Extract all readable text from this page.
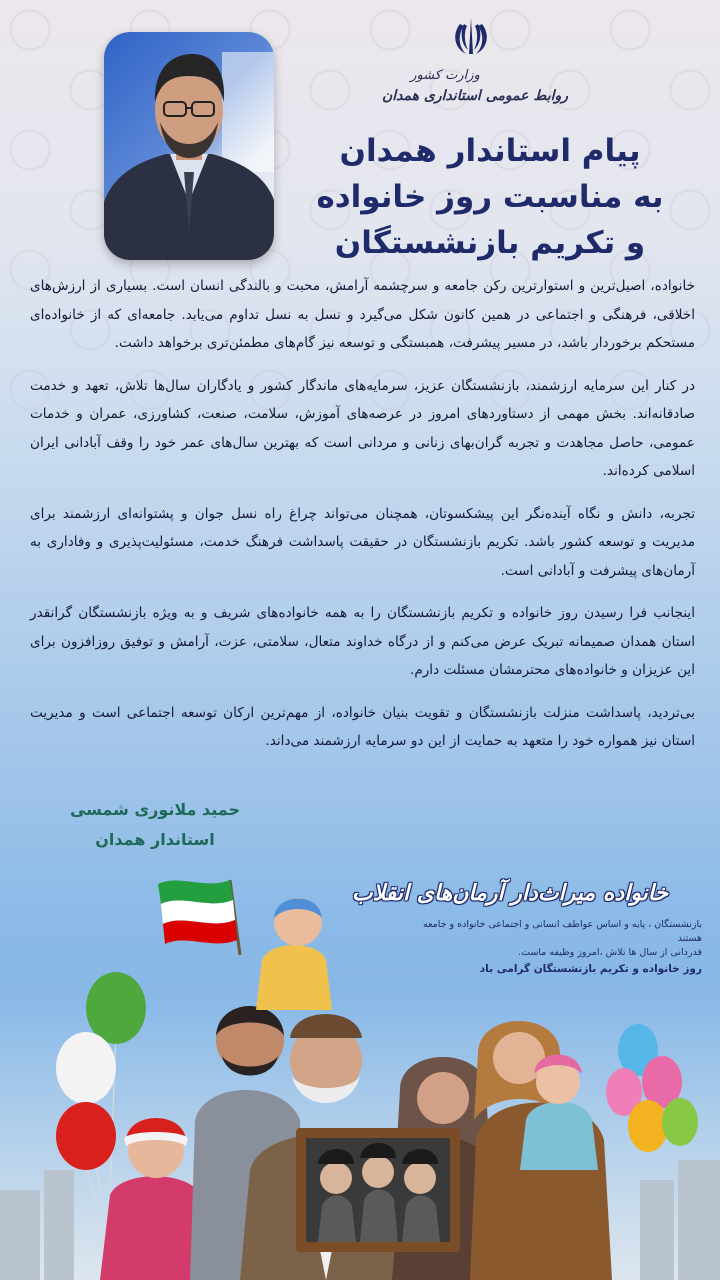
وزارت کشور
روابط عمومی استانداری همدان
پیام استاندار همدان
به مناسبت روز خانواده
و تکریم بازنشستگان

خانواده، اصیل‌ترین و استوارترین رکن جامعه و سرچشمه آرامش، محبت و بالندگی انسان است. بسیاری از ارزش‌های اخلاقی، فرهنگی و اجتماعی در همین کانون شکل می‌گیرد و نسل به نسل تداوم می‌یابد. جامعه‌ای که از خانواده‌ای مستحکم برخوردار باشد، در مسیر پیشرفت، همبستگی و توسعه نیز گام‌های مطمئن‌تری برخواهد داشت.

در کنار این سرمایه ارزشمند، بازنشستگان عزیز، سرمایه‌های ماندگار کشور و یادگاران سال‌ها تلاش، تعهد و خدمت صادقانه‌اند. بخش مهمی از دستاوردهای امروز در عرصه‌های آموزش، سلامت، صنعت، کشاورزی، عمران و خدمات عمومی، حاصل مجاهدت و تجربه گران‌بهای زنانی و مردانی است که بهترین سال‌های عمر خود را وقف آبادانی ایران اسلامی کرده‌اند.

تجربه، دانش و نگاه آینده‌نگر این پیشکسوتان، همچنان می‌تواند چراغ راه نسل جوان و پشتوانه‌ای ارزشمند برای مدیریت و توسعه کشور باشد. تکریم بازنشستگان در حقیقت پاسداشت فرهنگ خدمت، مسئولیت‌پذیری و وفاداری به آرمان‌های پیشرفت و آبادانی است.

اینجانب فرا رسیدن روز خانواده و تکریم بازنشستگان را به همه خانواده‌های شریف و به ویژه بازنشستگان گرانقدر استان همدان صمیمانه تبریک عرض می‌کنم و از درگاه خداوند متعال، سلامتی، عزت، آرامش و توفیق روزافزون برای این عزیزان و خانواده‌های محترمشان مسئلت دارم.

بی‌تردید، پاسداشت منزلت بازنشستگان و تقویت بنیان خانواده، از مهم‌ترین ارکان توسعه اجتماعی است و مدیریت استان نیز همواره خود را متعهد به حمایت از این دو سرمایه ارزشمند می‌داند.

حمید ملانوری شمسی
استاندار همدان
خانواده میراث‌دار آرمان‌های انقلاب
بازنشستگان ، پایه و اساس عواطف انسانی و اجتماعی خانواده و جامعه هستند
قدردانی از سال ها تلاش ،امروز وظیفه ماست.
روز خانواده و تکریم بازنشستگان گرامی باد
